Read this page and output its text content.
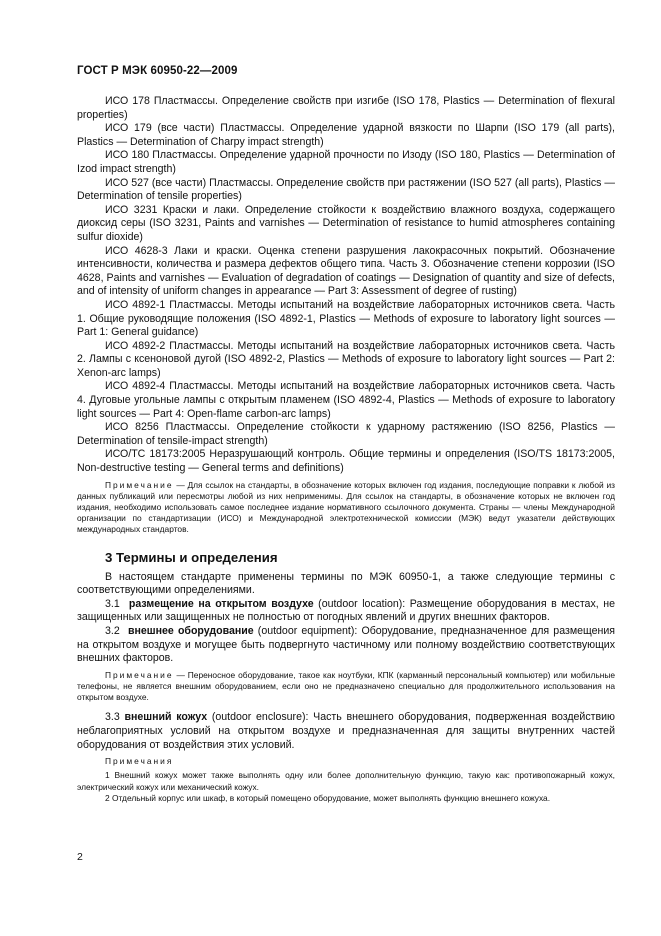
ГОСТ Р МЭК 60950-22—2009

ИСО 178 Пластмассы. Определение свойств при изгибе (ISO 178, Plastics — Determination of flexural properties)

ИСО 179 (все части) Пластмассы. Определение ударной вязкости по Шарпи (ISO 179 (all parts), Plastics — Determination of Charpy impact strength)

ИСО 180 Пластмассы. Определение ударной прочности по Изоду (ISO 180, Plastics — Determination of Izod impact strength)

ИСО 527 (все части) Пластмассы. Определение свойств при растяжении (ISO 527 (all parts), Plastics — Determination of tensile properties)

ИСО 3231 Краски и лаки. Определение стойкости к воздействию влажного воздуха, содержащего диоксид серы (ISO 3231, Paints and varnishes — Determination of resistance to humid atmospheres containing sulfur dioxide)

ИСО 4628-3 Лаки и краски. Оценка степени разрушения лакокрасочных покрытий. Обозначение интенсивности, количества и размера дефектов общего типа. Часть 3. Обозначение степени коррозии (ISO 4628, Paints and varnishes — Evaluation of degradation of coatings — Designation of quantity and size of defects, and of intensity of uniform changes in appearance — Part 3: Assessment of degree of rusting)

ИСО 4892-1 Пластмассы. Методы испытаний на воздействие лабораторных источников света. Часть 1. Общие руководящие положения (ISO 4892-1, Plastics — Methods of exposure to laboratory light sources — Part 1: General guidance)

ИСО 4892-2 Пластмассы. Методы испытаний на воздействие лабораторных источников света. Часть 2. Лампы с ксеноновой дугой (ISO 4892-2, Plastics — Methods of exposure to laboratory light sources — Part 2: Xenon-arc lamps)

ИСО 4892-4 Пластмассы. Методы испытаний на воздействие лабораторных источников света. Часть 4. Дуговые угольные лампы с открытым пламенем (ISO 4892-4, Plastics — Methods of exposure to laboratory light sources — Part 4: Open-flame carbon-arc lamps)

ИСО 8256 Пластмассы. Определение стойкости к ударному растяжению (ISO 8256, Plastics — Determination of tensile-impact strength)

ИСО/ТС 18173:2005 Неразрушающий контроль. Общие термины и определения (ISO/TS 18173:2005, Non-destructive testing — General terms and definitions)

Примечание — Для ссылок на стандарты, в обозначение которых включен год издания, последующие поправки к любой из данных публикаций или пересмотры любой из них неприменимы. Для ссылок на стандарты, в обозначение которых не включен год издания, необходимо использовать самое последнее издание нормативного ссылочного документа. Страны — члены Международной организации по стандартизации (ИСО) и Международной электротехнической комиссии (МЭК) ведут указатели действующих международных стандартов.

3 Термины и определения

В настоящем стандарте применены термины по МЭК 60950-1, а также следующие термины с соответствующими определениями.

3.1 размещение на открытом воздухе (outdoor location): Размещение оборудования в местах, не защищенных или защищенных не полностью от погодных явлений и других внешних факторов.

3.2 внешнее оборудование (outdoor equipment): Оборудование, предназначенное для размещения на открытом воздухе и могущее быть подвергнуто частичному или полному воздействию соответствующих внешних факторов.

Примечание — Переносное оборудование, такое как ноутбуки, КПК (карманный персональный компьютер) или мобильные телефоны, не является внешним оборудованием, если оно не предназначено специально для продолжительного использования на открытом воздухе.

3.3 внешний кожух (outdoor enclosure): Часть внешнего оборудования, подверженная воздействию неблагоприятных условий на открытом воздухе и предназначенная для защиты внутренних частей оборудования от воздействия этих условий.

Примечания

1 Внешний кожух может также выполнять одну или более дополнительную функцию, такую как: противопожарный кожух, электрический кожух или механический кожух.

2 Отдельный корпус или шкаф, в который помещено оборудование, может выполнять функцию внешнего кожуха.

2
